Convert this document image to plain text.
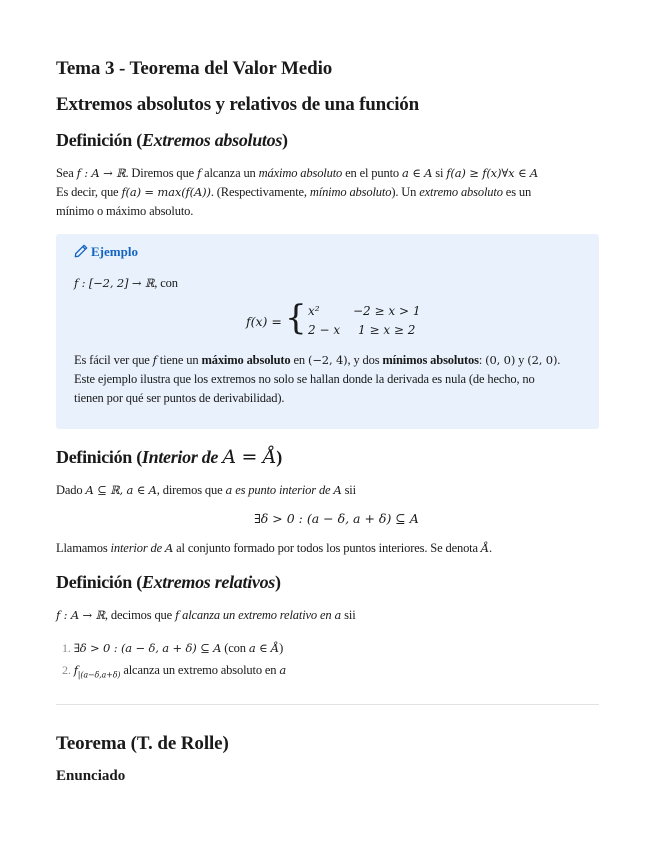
Tema 3 - Teorema del Valor Medio
Extremos absolutos y relativos de una función
Definición (Extremos absolutos)
Sea f : A → ℝ. Diremos que f alcanza un máximo absoluto en el punto a ∈ A si f(a) ≥ f(x)∀x ∈ A
Es decir, que f(a) = max(f(A)). (Respectivamente, mínimo absoluto). Un extremo absoluto es un
mínimo o máximo absoluto.
Ejemplo
f : [−2, 2] → ℝ, con
f(x) = { x²	−2 ≥ x > 1
2 − x 1 ≥ x ≥ 2
Es fácil ver que f tiene un máximo absoluto en (−2, 4), y dos mínimos absolutos: (0, 0) y (2, 0).
Este ejemplo ilustra que los extremos no solo se hallan donde la derivada es nula (de hecho, no
tienen por qué ser puntos de derivabilidad).
Definición (Interior de A = Å)
Dado A ⊆ ℝ, a ∈ A, diremos que a es punto interior de A sii
∃δ > 0 : (a − δ, a + δ) ⊆ A
Llamamos interior de A al conjunto formado por todos los puntos interiores. Se denota Å.
Definición (Extremos relativos)
f : A → ℝ, decimos que f alcanza un extremo relativo en a sii
1. ∃δ > 0 : (a − δ, a + δ) ⊆ A (con a ∈ Å)
2. $f_{|(a-\delta,a+\delta)}$ alcanza un extremo absoluto en a
Teorema (T. de Rolle)
Enunciado
